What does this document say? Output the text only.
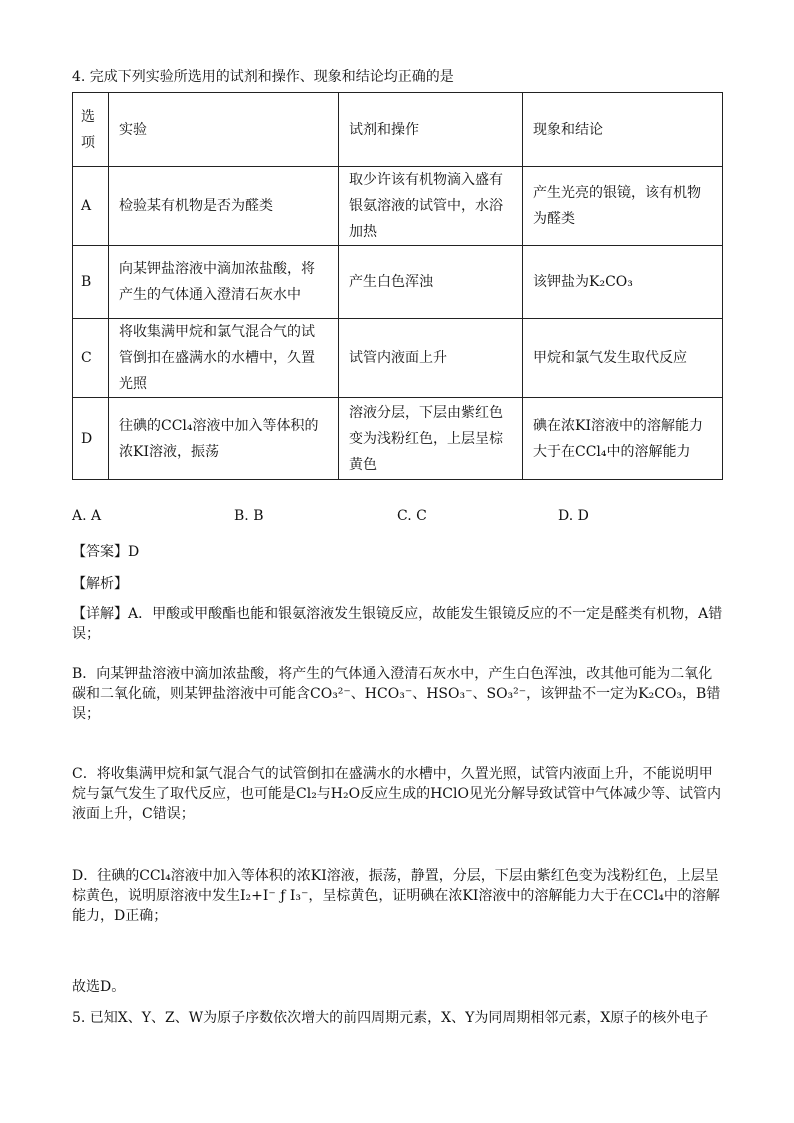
4. 完成下列实验所选用的试剂和操作、现象和结论均正确的是
选项	实验	试剂和操作	现象和结论
A	检验某有机物是否为醛类	取少许该有机物滴入盛有银氨溶液的试管中，水浴加热	产生光亮的银镜，该有机物为醛类
B	向某钾盐溶液中滴加浓盐酸，将产生的气体通入澄清石灰水中	产生白色浑浊	该钾盐为K₂CO₃
C	将收集满甲烷和氯气混合气的试管倒扣在盛满水的水槽中，久置光照	试管内液面上升	甲烷和氯气发生取代反应
D	往碘的CCl₄溶液中加入等体积的浓KI溶液，振荡	溶液分层，下层由紫红色变为浅粉红色，上层呈棕黄色	碘在浓KI溶液中的溶解能力大于在CCl₄中的溶解能力
A. A	B. B	C. C	D. D
【答案】D
【解析】
【详解】A．甲酸或甲酸酯也能和银氨溶液发生银镜反应，故能发生银镜反应的不一定是醛类有机物，A错误；
B．向某钾盐溶液中滴加浓盐酸，将产生的气体通入澄清石灰水中，产生白色浑浊，改其他可能为二氧化碳和二氧化硫，则某钾盐溶液中可能含CO₃²⁻、HCO₃⁻、HSO₃⁻、SO₃²⁻，该钾盐不一定为K₂CO₃，B错误；
C．将收集满甲烷和氯气混合气的试管倒扣在盛满水的水槽中，久置光照，试管内液面上升，不能说明甲烷与氯气发生了取代反应，也可能是Cl₂与H₂O反应生成的HClO见光分解导致试管中气体减少等、试管内液面上升，C错误；
D．往碘的CCl₄溶液中加入等体积的浓KI溶液，振荡，静置，分层，下层由紫红色变为浅粉红色，上层呈棕黄色，说明原溶液中发生I₂+I⁻ ƒ I₃⁻，呈棕黄色，证明碘在浓KI溶液中的溶解能力大于在CCl₄中的溶解能力，D正确；
故选D。
5. 已知X、Y、Z、W为原子序数依次增大的前四周期元素，X、Y为同周期相邻元素，X原子的核外电子
